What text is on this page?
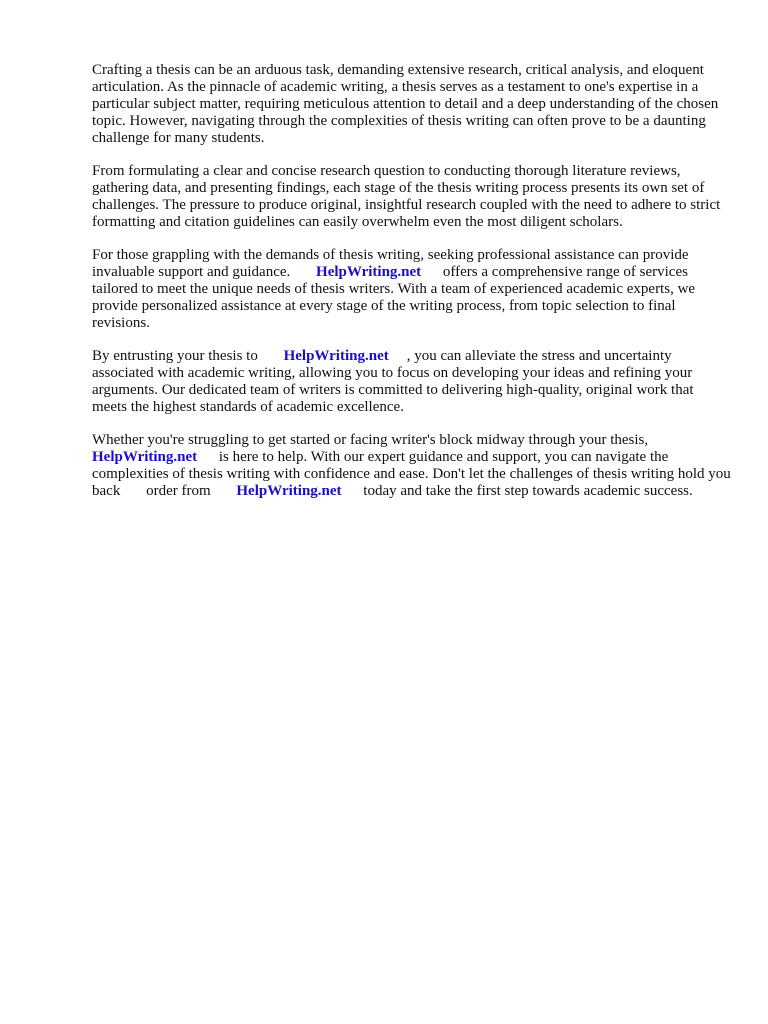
Crafting a thesis can be an arduous task, demanding extensive research, critical analysis, and eloquent articulation. As the pinnacle of academic writing, a thesis serves as a testament to one's expertise in a particular subject matter, requiring meticulous attention to detail and a deep understanding of the chosen topic. However, navigating through the complexities of thesis writing can often prove to be a daunting challenge for many students.

From formulating a clear and concise research question to conducting thorough literature reviews, gathering data, and presenting findings, each stage of the thesis writing process presents its own set of challenges. The pressure to produce original, insightful research coupled with the need to adhere to strict formatting and citation guidelines can easily overwhelm even the most diligent scholars.

For those grappling with the demands of thesis writing, seeking professional assistance can provide invaluable support and guidance. HelpWriting.net offers a comprehensive range of services tailored to meet the unique needs of thesis writers. With a team of experienced academic experts, we provide personalized assistance at every stage of the writing process, from topic selection to final revisions.

By entrusting your thesis to HelpWriting.net , you can alleviate the stress and uncertainty associated with academic writing, allowing you to focus on developing your ideas and refining your arguments. Our dedicated team of writers is committed to delivering high-quality, original work that meets the highest standards of academic excellence.

Whether you're struggling to get started or facing writer's block midway through your thesis, HelpWriting.net is here to help. With our expert guidance and support, you can navigate the complexities of thesis writing with confidence and ease. Don't let the challenges of thesis writing hold you back order from HelpWriting.net today and take the first step towards academic success.
